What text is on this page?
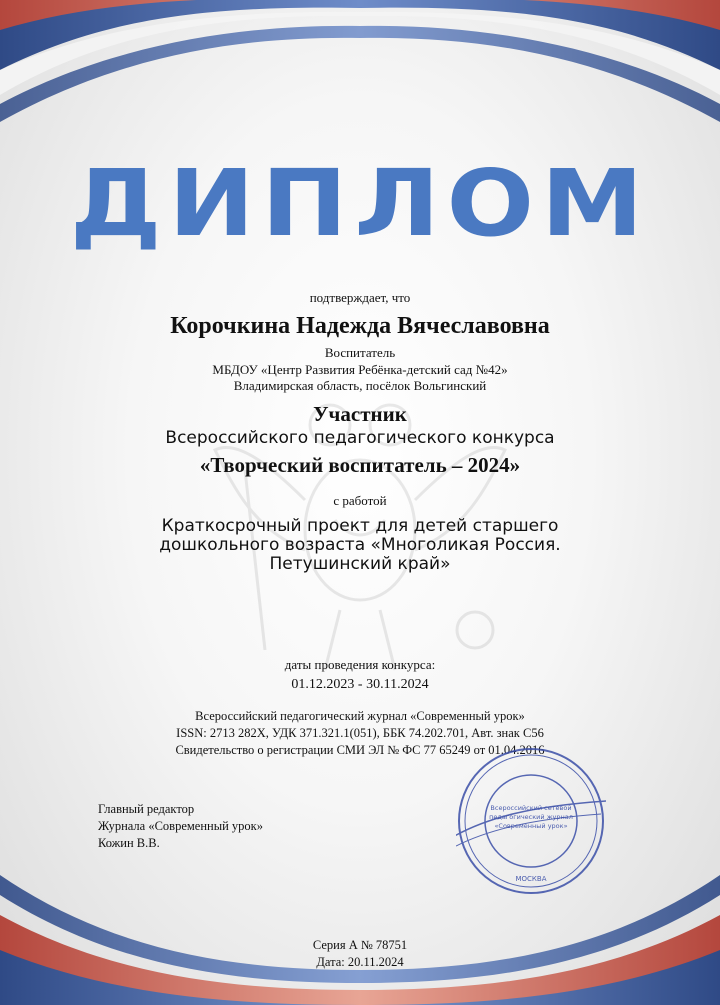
ДИПЛОМ
подтверждает, что
Корочкина Надежда Вячеславовна
Воспитатель
МБДОУ «Центр Развития Ребёнка-детский сад №42»
Владимирская область, посёлок Вольгинский
Участник
Всероссийского педагогического конкурса
«Творческий воспитатель – 2024»
с работой
Краткосрочный проект для детей старшего
дошкольного возраста «Многоликая Россия.
Петушинский край»
даты проведения конкурса:
01.12.2023 - 30.11.2024
Всероссийский педагогический журнал «Современный урок»
ISSN: 2713 282X, УДК 371.321.1(051), ББК 74.202.701, Авт. знак С56
Свидетельство о регистрации СМИ ЭЛ № ФС 77 65249 от 01.04.2016
Главный редактор
Журнала «Современный урок»
Кожин В.В.
Всероссийский сетевой
педагогический журнал
«Современный урок»
МОСКВА
Серия А № 78751
Дата: 20.11.2024
